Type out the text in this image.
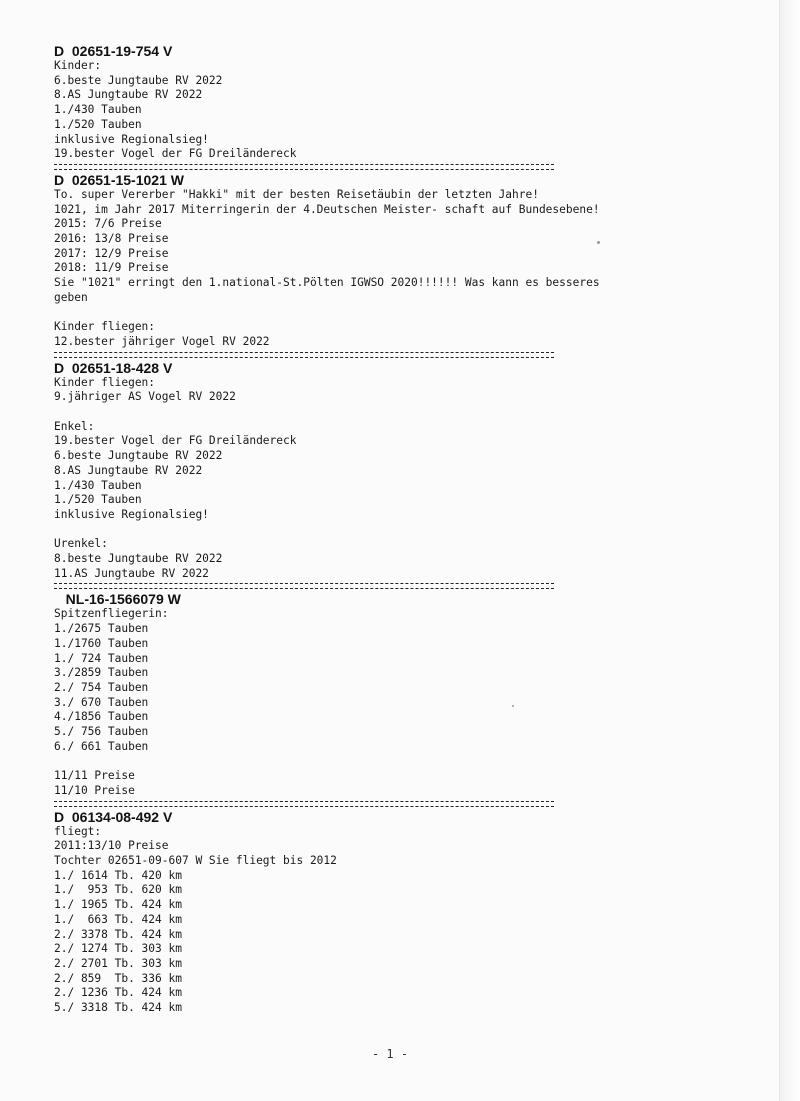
D  02651-19-754 V
Kinder:
6.beste Jungtaube RV 2022
8.AS Jungtaube RV 2022
1./430 Tauben
1./520 Tauben
inklusive Regionalsieg!
19.bester Vogel der FG Dreiländereck
D  02651-15-1021 W
To. super Vererber "Hakki" mit der besten Reisetäubin der letzten Jahre!
1021, im Jahr 2017 Miterringerin der 4.Deutschen Meister- schaft auf Bundesebene!
2015: 7/6 Preise
2016: 13/8 Preise
2017: 12/9 Preise
2018: 11/9 Preise
Sie "1021" erringt den 1.national-St.Pölten IGWSO 2020!!!!!! Was kann es besseres
geben
Kinder fliegen:
12.bester jähriger Vogel RV 2022
D  02651-18-428 V
Kinder fliegen:
9.jähriger AS Vogel RV 2022
Enkel:
19.bester Vogel der FG Dreiländereck
6.beste Jungtaube RV 2022
8.AS Jungtaube RV 2022
1./430 Tauben
1./520 Tauben
inklusive Regionalsieg!
Urenkel:
8.beste Jungtaube RV 2022
11.AS Jungtaube RV 2022
NL-16-1566079 W
Spitzenfliegerin:
1./2675 Tauben
1./1760 Tauben
1./ 724 Tauben
3./2859 Tauben
2./ 754 Tauben
3./ 670 Tauben
4./1856 Tauben
5./ 756 Tauben
6./ 661 Tauben
11/11 Preise
11/10 Preise
D  06134-08-492 V
fliegt:
2011:13/10 Preise
Tochter 02651-09-607 W Sie fliegt bis 2012
1./ 1614 Tb. 420 km
1./  953 Tb. 620 km
1./ 1965 Tb. 424 km
1./  663 Tb. 424 km
2./ 3378 Tb. 424 km
2./ 1274 Tb. 303 km
2./ 2701 Tb. 303 km
2./ 859  Tb. 336 km
2./ 1236 Tb. 424 km
5./ 3318 Tb. 424 km
- 1 -
